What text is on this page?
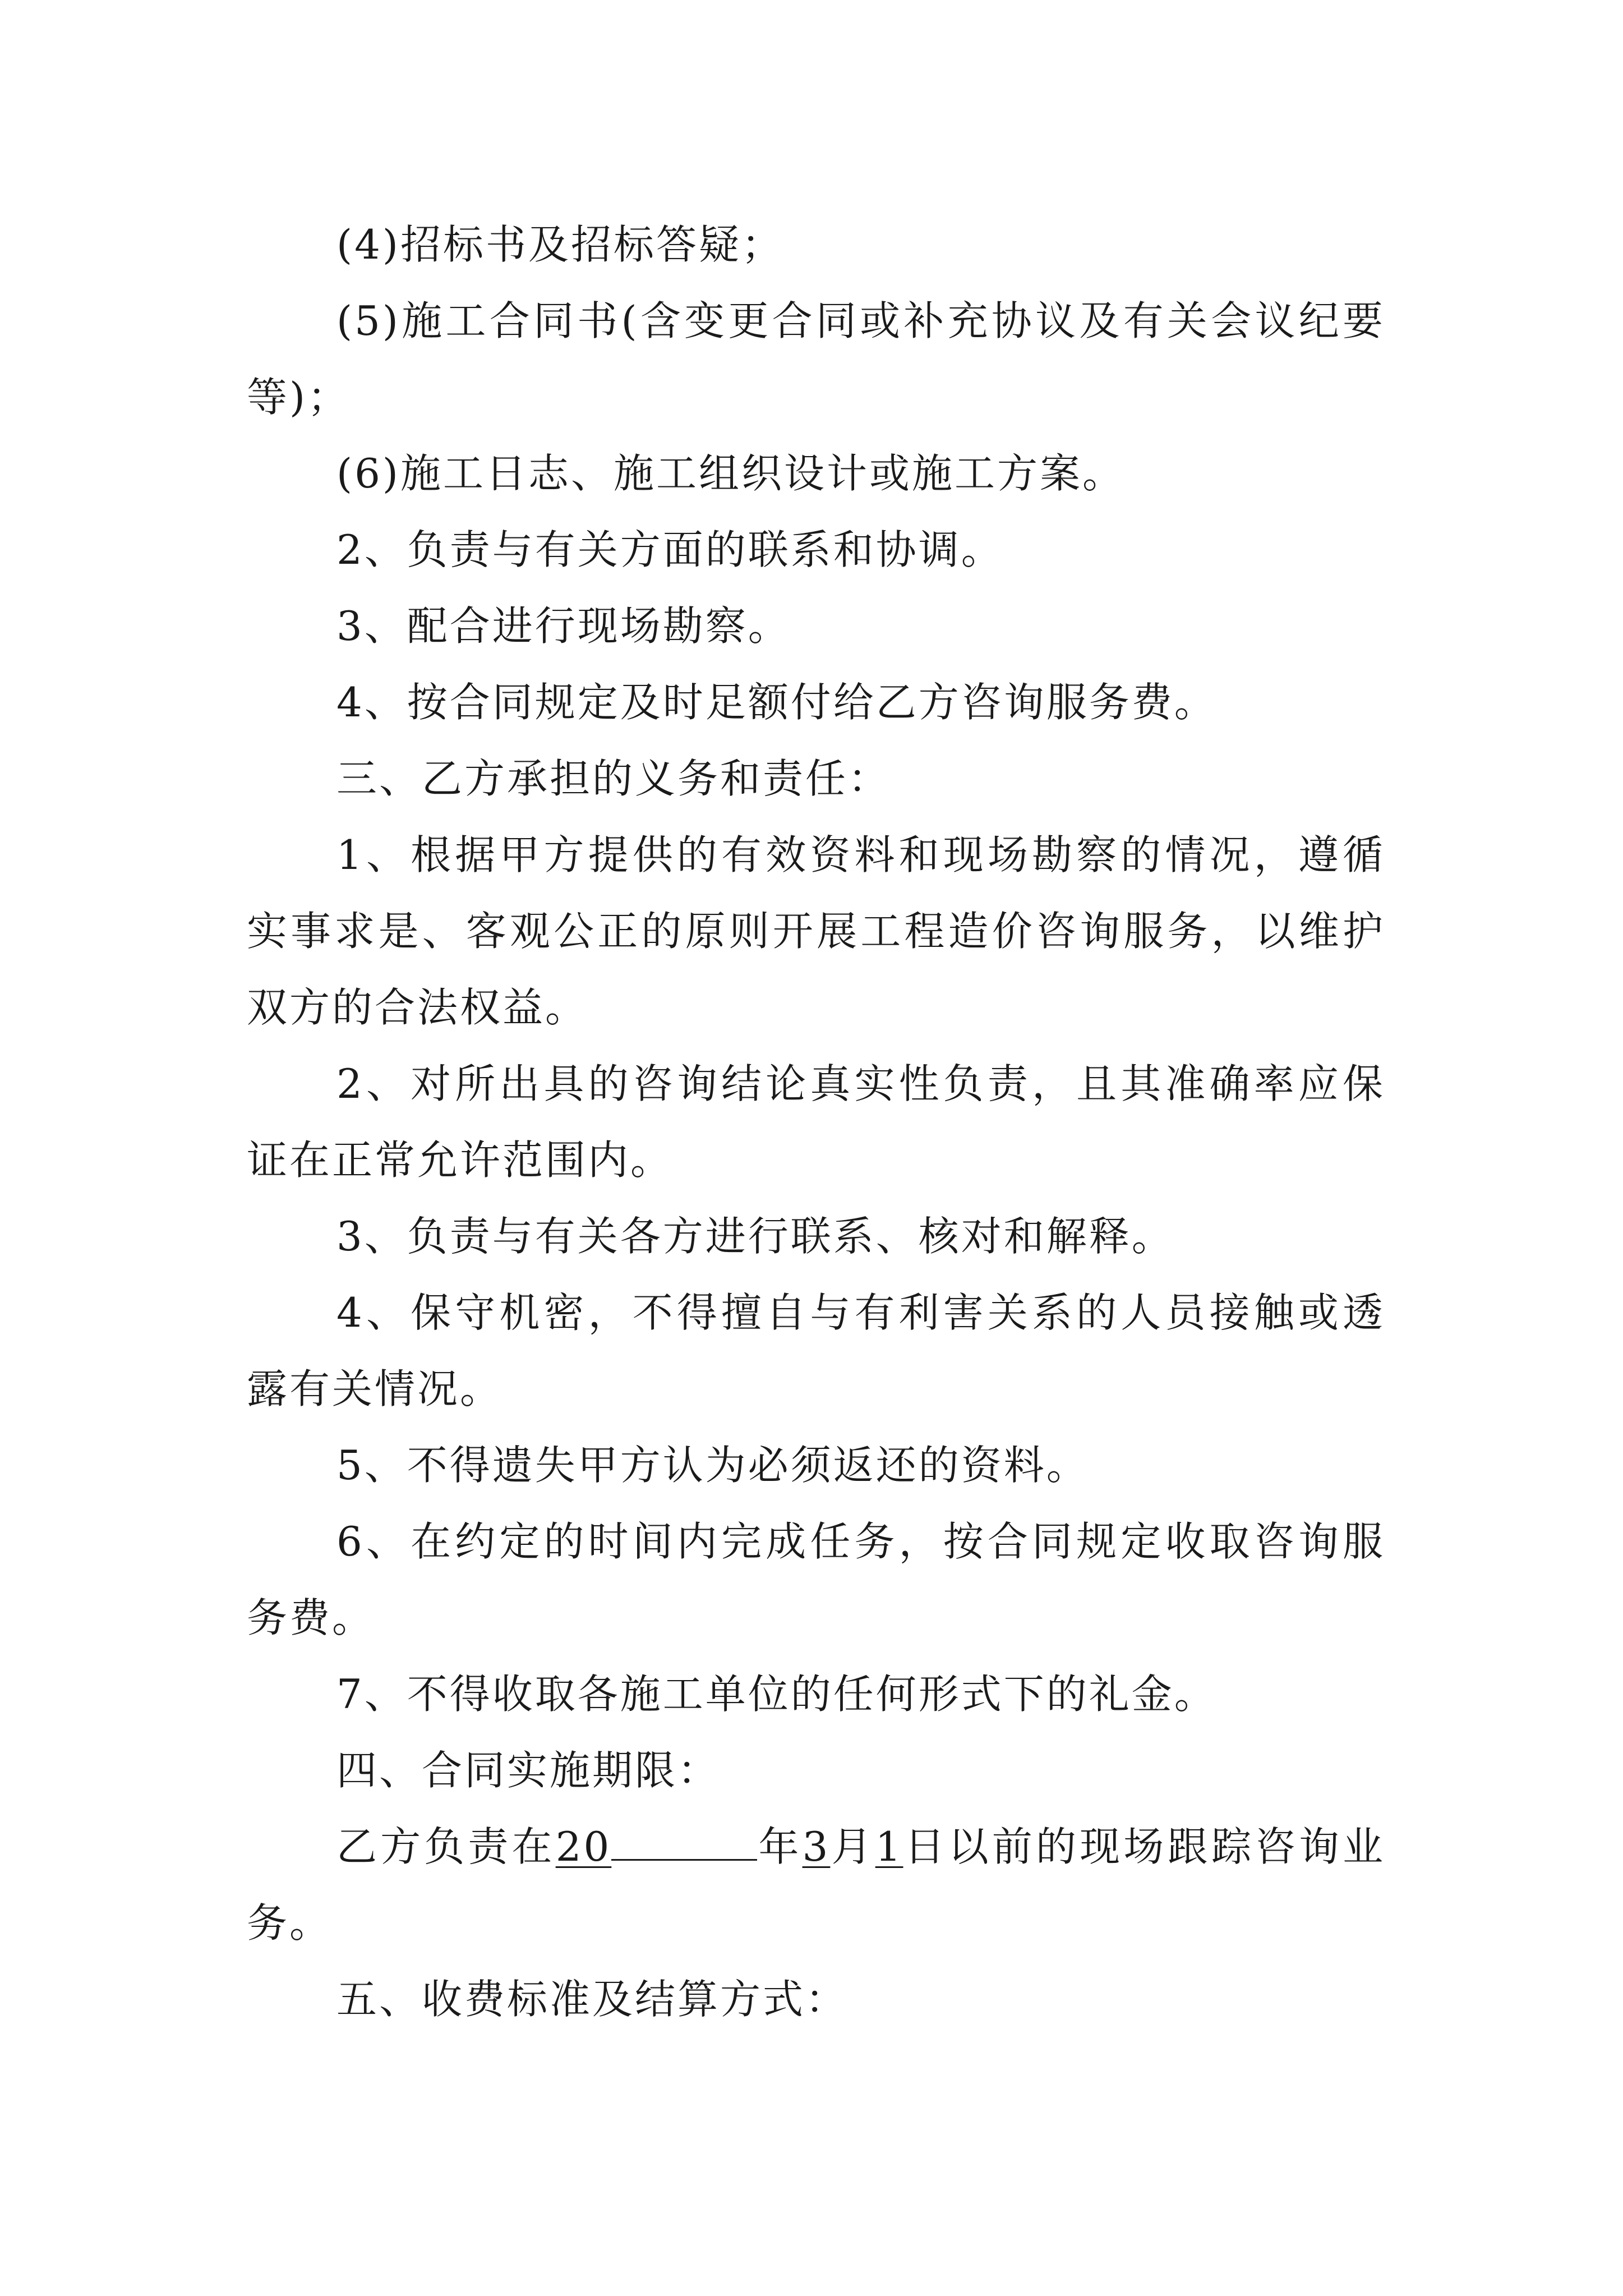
(4)招标书及招标答疑；

(5)施工合同书(含变更合同或补充协议及有关会议纪要等)；

(6)施工日志、施工组织设计或施工方案。

2、负责与有关方面的联系和协调。

3、配合进行现场勘察。

4、按合同规定及时足额付给乙方咨询服务费。

三、乙方承担的义务和责任：

1、根据甲方提供的有效资料和现场勘察的情况，遵循实事求是、客观公正的原则开展工程造价咨询服务，以维护双方的合法权益。

2、对所出具的咨询结论真实性负责，且其准确率应保证在正常允许范围内。

3、负责与有关各方进行联系、核对和解释。

4、保守机密，不得擅自与有利害关系的人员接触或透露有关情况。

5、不得遗失甲方认为必须返还的资料。

6、在约定的时间内完成任务，按合同规定收取咨询服务费。

7、不得收取各施工单位的任何形式下的礼金。

四、合同实施期限：

乙方负责在20	年3月1日以前的现场跟踪咨询业务。

五、收费标准及结算方式：
